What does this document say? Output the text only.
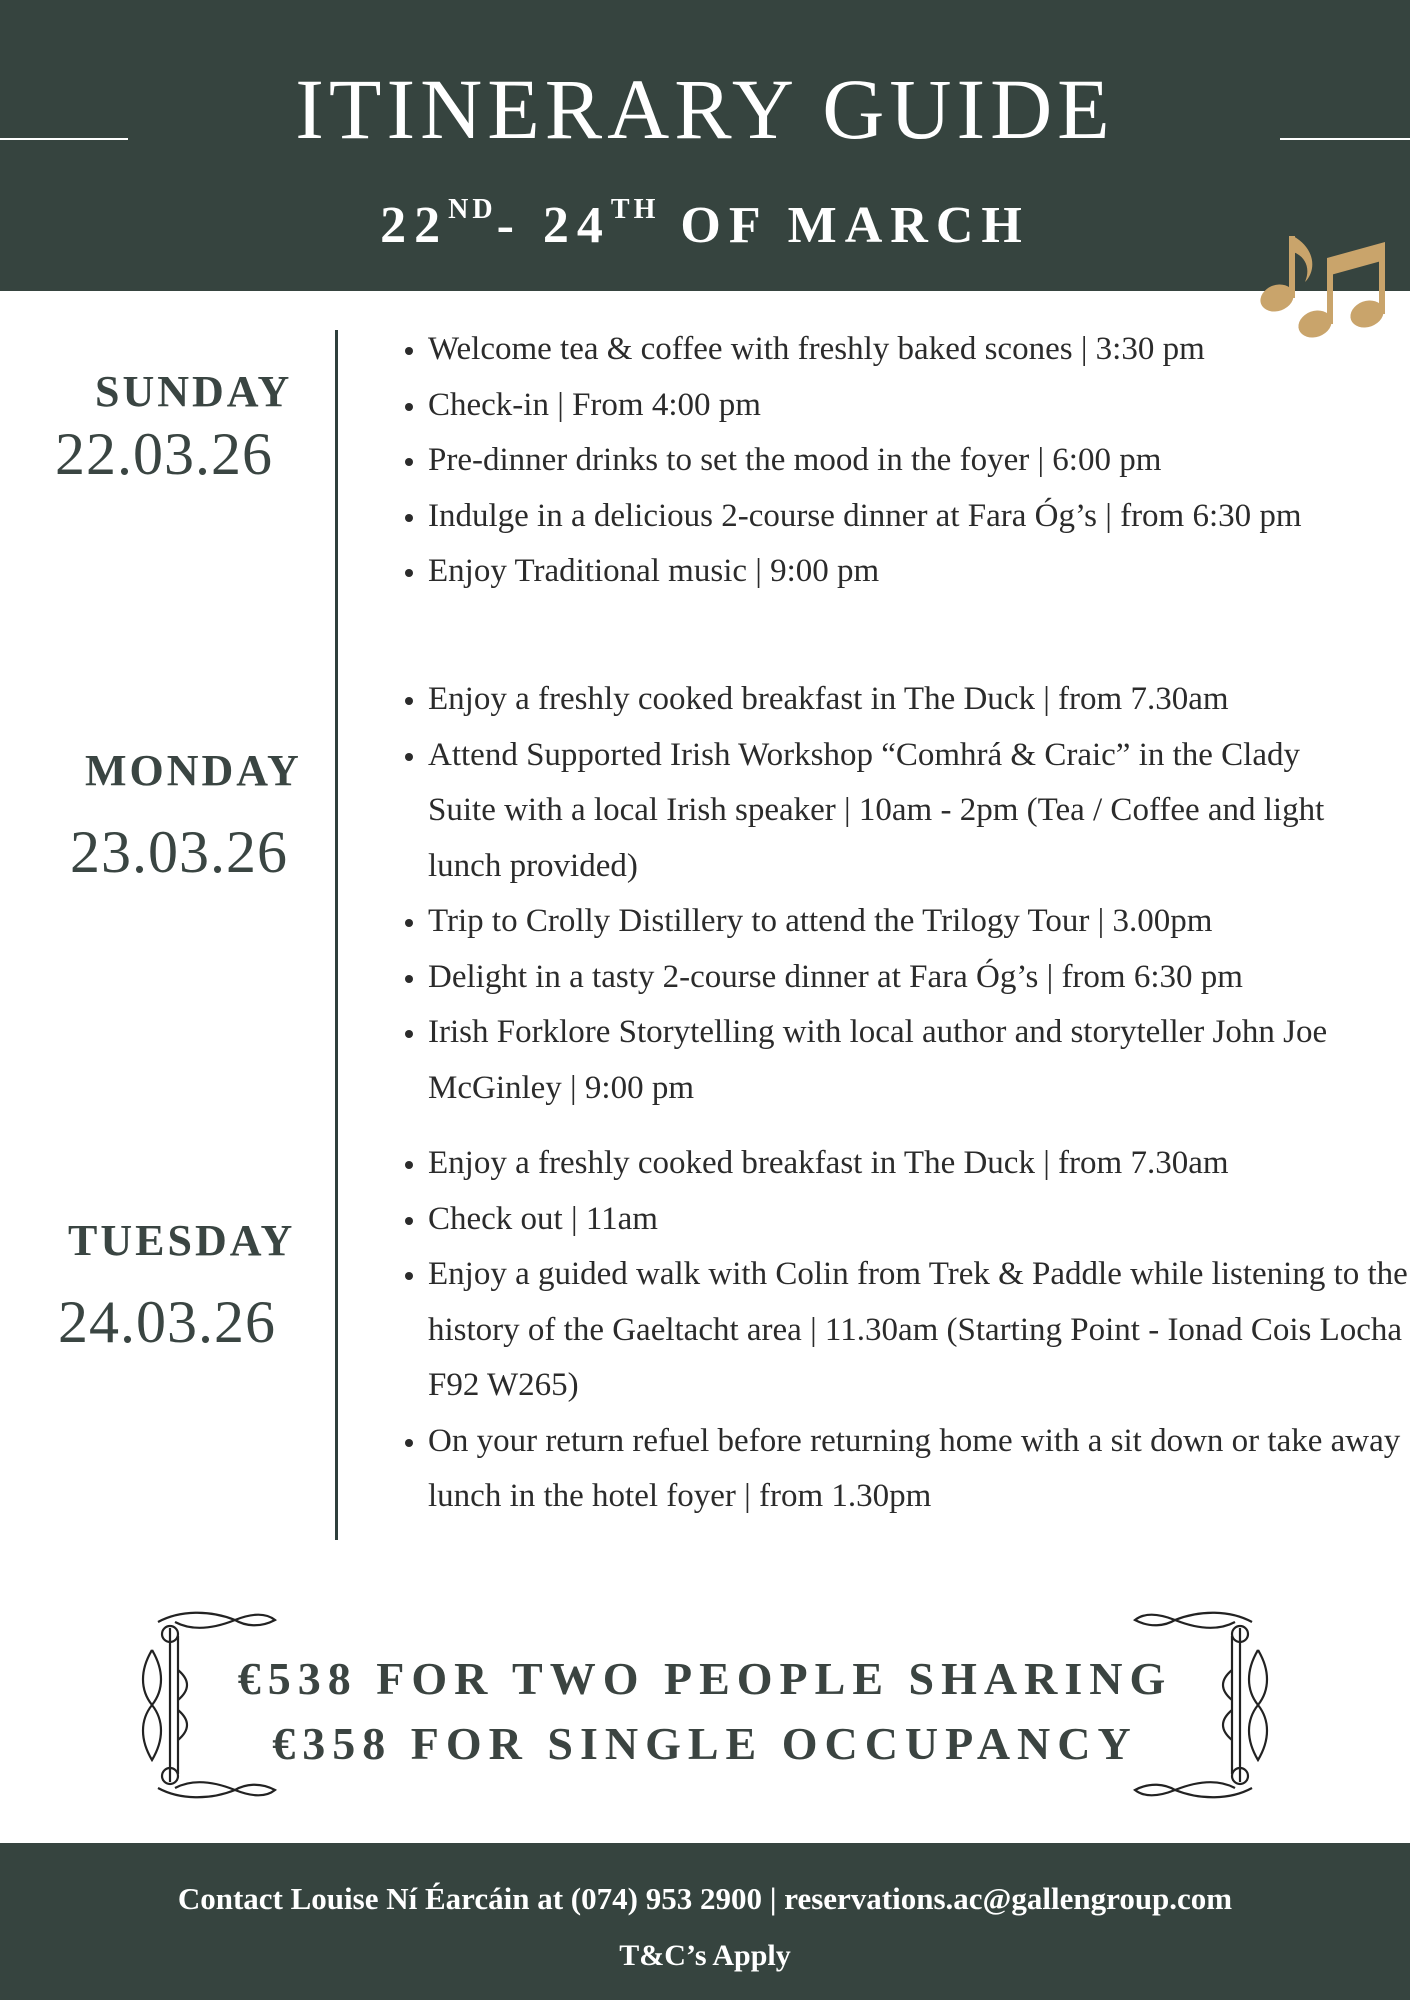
ITINERARY GUIDE
22ND- 24TH OF MARCH
SUNDAY
22.03.26
• Welcome tea & coffee with freshly baked scones | 3:30 pm
• Check-in | From 4:00 pm
• Pre-dinner drinks to set the mood in the foyer | 6:00 pm
• Indulge in a delicious 2-course dinner at Fara Óg’s | from 6:30 pm
• Enjoy Traditional music | 9:00 pm
MONDAY
23.03.26
• Enjoy a freshly cooked breakfast in The Duck | from 7.30am
• Attend Supported Irish Workshop “Comhrá & Craic” in the Clady Suite with a local Irish speaker | 10am - 2pm (Tea / Coffee and light lunch provided)
• Trip to Crolly Distillery to attend the Trilogy Tour | 3.00pm
• Delight in a tasty 2-course dinner at Fara Óg’s | from 6:30 pm
• Irish Forklore Storytelling with local author and storyteller John Joe McGinley | 9:00 pm
TUESDAY
24.03.26
• Enjoy a freshly cooked breakfast in The Duck | from 7.30am
• Check out | 11am
• Enjoy a guided walk with Colin from Trek & Paddle while listening to the history of the Gaeltacht area | 11.30am (Starting Point - Ionad Cois Locha F92 W265)
• On your return refuel before returning home with a sit down or take away lunch in the hotel foyer | from 1.30pm
€538 FOR TWO PEOPLE SHARING
€358 FOR SINGLE OCCUPANCY
Contact Louise Ní Éarcáin at (074) 953 2900 | reservations.ac@gallengroup.com
T&C’s Apply
